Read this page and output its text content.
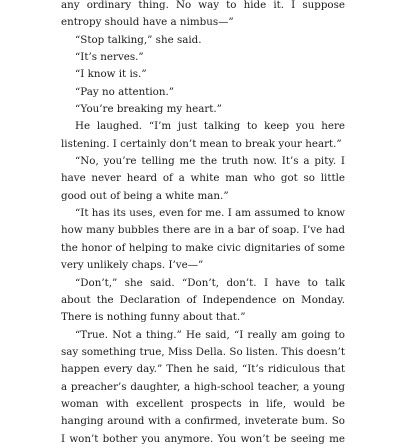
any ordinary thing. No way to hide it. I suppose entropy should have a nimbus—”

“Stop talking,” she said.

“It’s nerves.”

“I know it is.”

“Pay no attention.”

“You’re breaking my heart.”

He laughed. “I’m just talking to keep you here listening. I certainly don’t mean to break your heart.”

“No, you’re telling me the truth now. It’s a pity. I have never heard of a white man who got so little good out of being a white man.”

“It has its uses, even for me. I am assumed to know how many bubbles there are in a bar of soap. I’ve had the honor of helping to make civic dignitaries of some very unlikely chaps. I’ve—”

“Don’t,” she said. “Don’t, don’t. I have to talk about the Declaration of Independence on Monday. There is nothing funny about that.”

“True. Not a thing.” He said, “I really am going to say something true, Miss Della. So listen. This doesn’t happen every day.” Then he said, “It’s ridiculous that a preacher’s daughter, a high-school teacher, a young woman with excellent prospects in life, would be hanging around with a confirmed, inveterate bum. So I won’t bother you anymore. You won’t be seeing me
